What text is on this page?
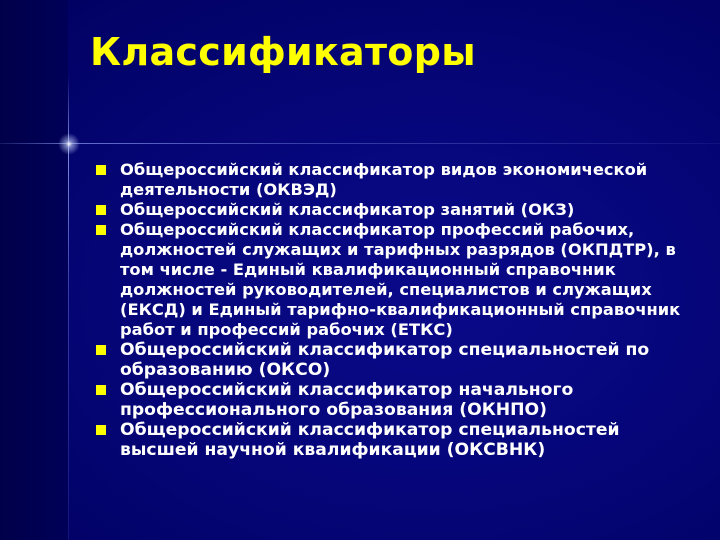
Классификаторы
Общероссийский классификатор видов экономической деятельности (ОКВЭД)
Общероссийский классификатор занятий (ОКЗ)
Общероссийский классификатор профессий рабочих, должностей служащих и тарифных разрядов (ОКПДТР), в том числе - Единый квалификационный справочник должностей руководителей, специалистов и служащих (ЕКСД) и Единый тарифно-квалификационный справочник работ и профессий рабочих (ЕТКС)
Общероссийский классификатор специальностей по образованию (ОКСО)
Общероссийский классификатор начального профессионального образования (ОКНПО)
Общероссийский классификатор специальностей высшей научной квалификации (ОКСВНК)
